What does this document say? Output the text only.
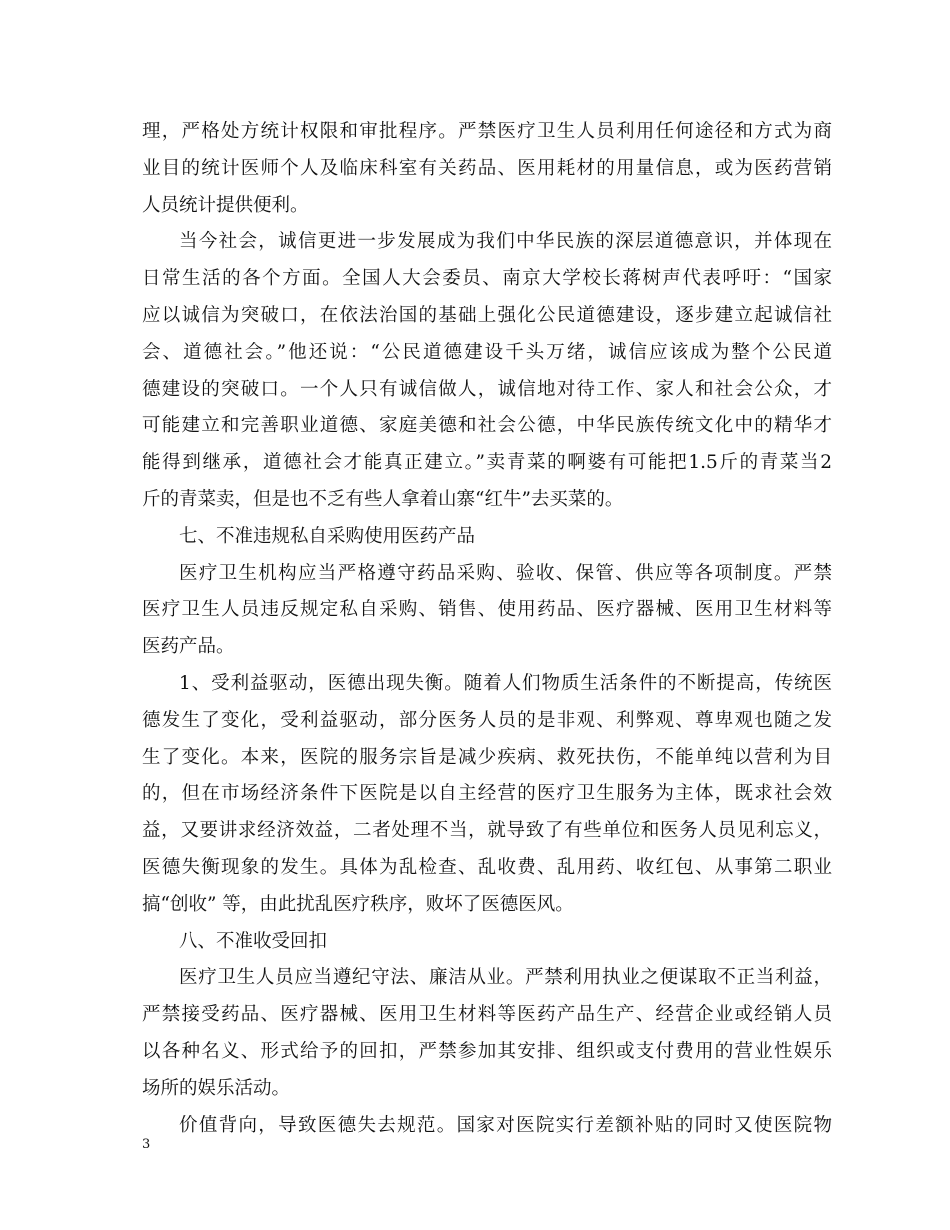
理，严格处方统计权限和审批程序。严禁医疗卫生人员利用任何途径和方式为商
业目的统计医师个人及临床科室有关药品、医用耗材的用量信息，或为医药营销
人员统计提供便利。
当今社会，诚信更进一步发展成为我们中华民族的深层道德意识，并体现在
日常生活的各个方面。全国人大会委员、南京大学校长蒋树声代表呼吁：“国家
应以诚信为突破口，在依法治国的基础上强化公民道德建设，逐步建立起诚信社
会、道德社会。”他还说：“公民道德建设千头万绪，诚信应该成为整个公民道
德建设的突破口。一个人只有诚信做人，诚信地对待工作、家人和社会公众，才
可能建立和完善职业道德、家庭美德和社会公德，中华民族传统文化中的精华才
能得到继承，道德社会才能真正建立。”卖青菜的啊婆有可能把1.5斤的青菜当2
斤的青菜卖，但是也不乏有些人拿着山寨“红牛”去买菜的。
七、不准违规私自采购使用医药产品
医疗卫生机构应当严格遵守药品采购、验收、保管、供应等各项制度。严禁
医疗卫生人员违反规定私自采购、销售、使用药品、医疗器械、医用卫生材料等
医药产品。
1、受利益驱动，医德出现失衡。随着人们物质生活条件的不断提高，传统医
德发生了变化，受利益驱动，部分医务人员的是非观、利弊观、尊卑观也随之发
生了变化。本来，医院的服务宗旨是减少疾病、救死扶伤，不能单纯以营利为目
的，但在市场经济条件下医院是以自主经营的医疗卫生服务为主体，既求社会效
益，又要讲求经济效益，二者处理不当，就导致了有些单位和医务人员见利忘义，
医德失衡现象的发生。具体为乱检查、乱收费、乱用药、收红包、从事第二职业
搞“创收” 等，由此扰乱医疗秩序，败坏了医德医风。
八、不准收受回扣
医疗卫生人员应当遵纪守法、廉洁从业。严禁利用执业之便谋取不正当利益，
严禁接受药品、医疗器械、医用卫生材料等医药产品生产、经营企业或经销人员
以各种名义、形式给予的回扣，严禁参加其安排、组织或支付费用的营业性娱乐
场所的娱乐活动。
价值背向，导致医德失去规范。国家对医院实行差额补贴的同时又使医院物
3
